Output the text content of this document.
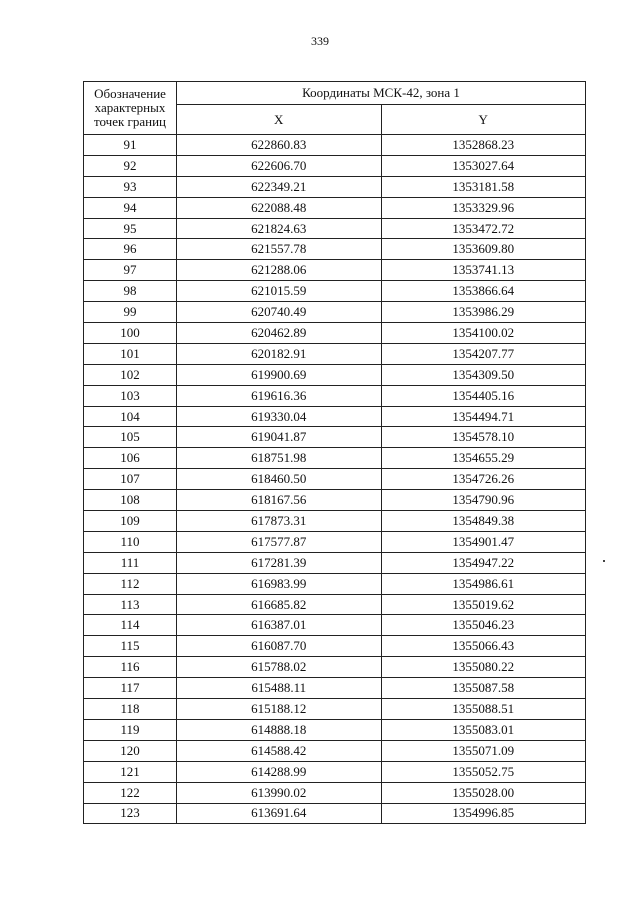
339
Обозначение
характерных
точек границ	Координаты МСК-42, зона 1	
	X	Y
91	622860.83	1352868.23
92	622606.70	1353027.64
93	622349.21	1353181.58
94	622088.48	1353329.96
95	621824.63	1353472.72
96	621557.78	1353609.80
97	621288.06	1353741.13
98	621015.59	1353866.64
99	620740.49	1353986.29
100	620462.89	1354100.02
101	620182.91	1354207.77
102	619900.69	1354309.50
103	619616.36	1354405.16
104	619330.04	1354494.71
105	619041.87	1354578.10
106	618751.98	1354655.29
107	618460.50	1354726.26
108	618167.56	1354790.96
109	617873.31	1354849.38
110	617577.87	1354901.47
111	617281.39	1354947.22
112	616983.99	1354986.61
113	616685.82	1355019.62
114	616387.01	1355046.23
115	616087.70	1355066.43
116	615788.02	1355080.22
117	615488.11	1355087.58
118	615188.12	1355088.51
119	614888.18	1355083.01
120	614588.42	1355071.09
121	614288.99	1355052.75
122	613990.02	1355028.00
123	613691.64	1354996.85
